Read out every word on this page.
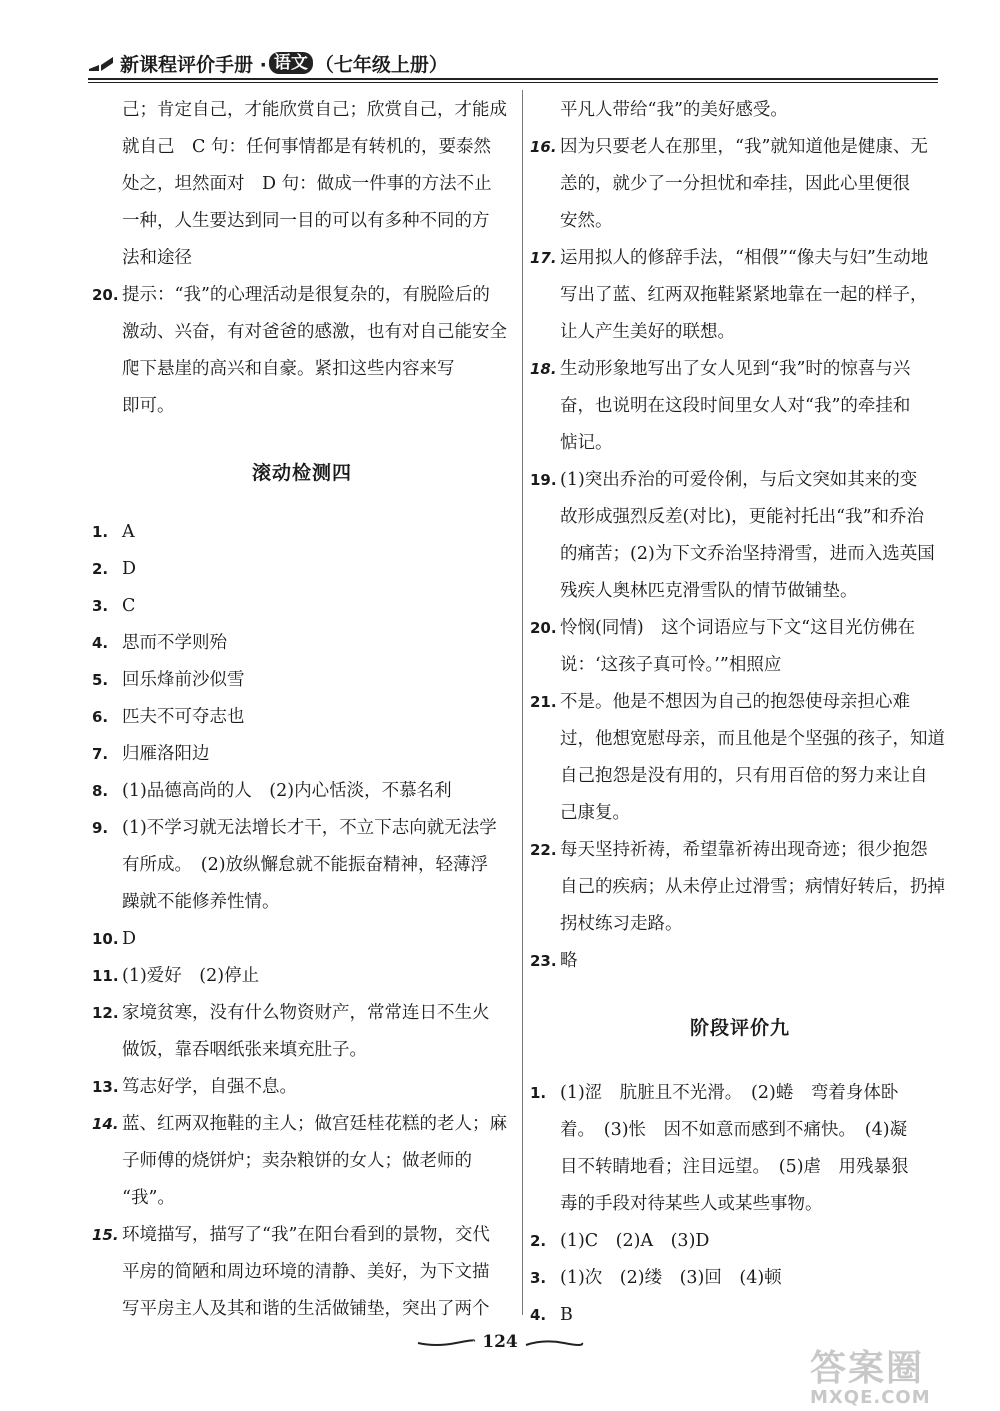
新课程评价手册 · 语文 （七年级上册）
己；肯定自己，才能欣赏自己；欣赏自己，才能成
就自己　C 句：任何事情都是有转机的，要泰然
处之，坦然面对　D 句：做成一件事的方法不止
一种，人生要达到同一目的可以有多种不同的方
法和途径
20. 提示：“我”的心理活动是很复杂的，有脱险后的
激动、兴奋，有对爸爸的感激，也有对自己能安全
爬下悬崖的高兴和自豪。紧扣这些内容来写
即可。
滚动检测四
1. A
2. D
3. C
4. 思而不学则殆
5. 回乐烽前沙似雪
6. 匹夫不可夺志也
7. 归雁洛阳边
8. (1)品德高尚的人　(2)内心恬淡，不慕名利
9. (1)不学习就无法增长才干，不立下志向就无法学
有所成。　(2)放纵懈怠就不能振奋精神，轻薄浮
躁就不能修养性情。
10. D
11. (1)爱好　(2)停止
12. 家境贫寒，没有什么物资财产，常常连日不生火
做饭，靠吞咽纸张来填充肚子。
13. 笃志好学，自强不息。
14. 蓝、红两双拖鞋的主人；做宫廷桂花糕的老人；麻
子师傅的烧饼炉；卖杂粮饼的女人；做老师的
“我”。
15. 环境描写，描写了“我”在阳台看到的景物，交代
平房的简陋和周边环境的清静、美好，为下文描
写平房主人及其和谐的生活做铺垫，突出了两个
平凡人带给“我”的美好感受。
16. 因为只要老人在那里，“我”就知道他是健康、无
恙的，就少了一分担忧和牵挂，因此心里便很
安然。
17. 运用拟人的修辞手法，“相偎”“像夫与妇”生动地
写出了蓝、红两双拖鞋紧紧地靠在一起的样子，
让人产生美好的联想。
18. 生动形象地写出了女人见到“我”时的惊喜与兴
奋，也说明在这段时间里女人对“我”的牵挂和
惦记。
19. (1)突出乔治的可爱伶俐，与后文突如其来的变
故形成强烈反差(对比)，更能衬托出“我”和乔治
的痛苦；(2)为下文乔治坚持滑雪，进而入选英国
残疾人奥林匹克滑雪队的情节做铺垫。
20. 怜悯(同情)　这个词语应与下文“这目光仿佛在
说：‘这孩子真可怜。’”相照应
21. 不是。他是不想因为自己的抱怨使母亲担心难
过，他想宽慰母亲，而且他是个坚强的孩子，知道
自己抱怨是没有用的，只有用百倍的努力来让自
己康复。
22. 每天坚持祈祷，希望靠祈祷出现奇迹；很少抱怨
自己的疾病；从未停止过滑雪；病情好转后，扔掉
拐杖练习走路。
23. 略
阶段评价九
1. (1)涩　肮脏且不光滑。　(2)蜷　弯着身体卧
着。　(3)怅　因不如意而感到不痛快。　(4)凝
目不转睛地看；注目远望。　(5)虐　用残暴狠
毒的手段对待某些人或某些事物。
2. (1)C　(2)A　(3)D
3. (1)次　(2)缕　(3)回　(4)顿
4. B
124
答案圈
MXQE.COM
